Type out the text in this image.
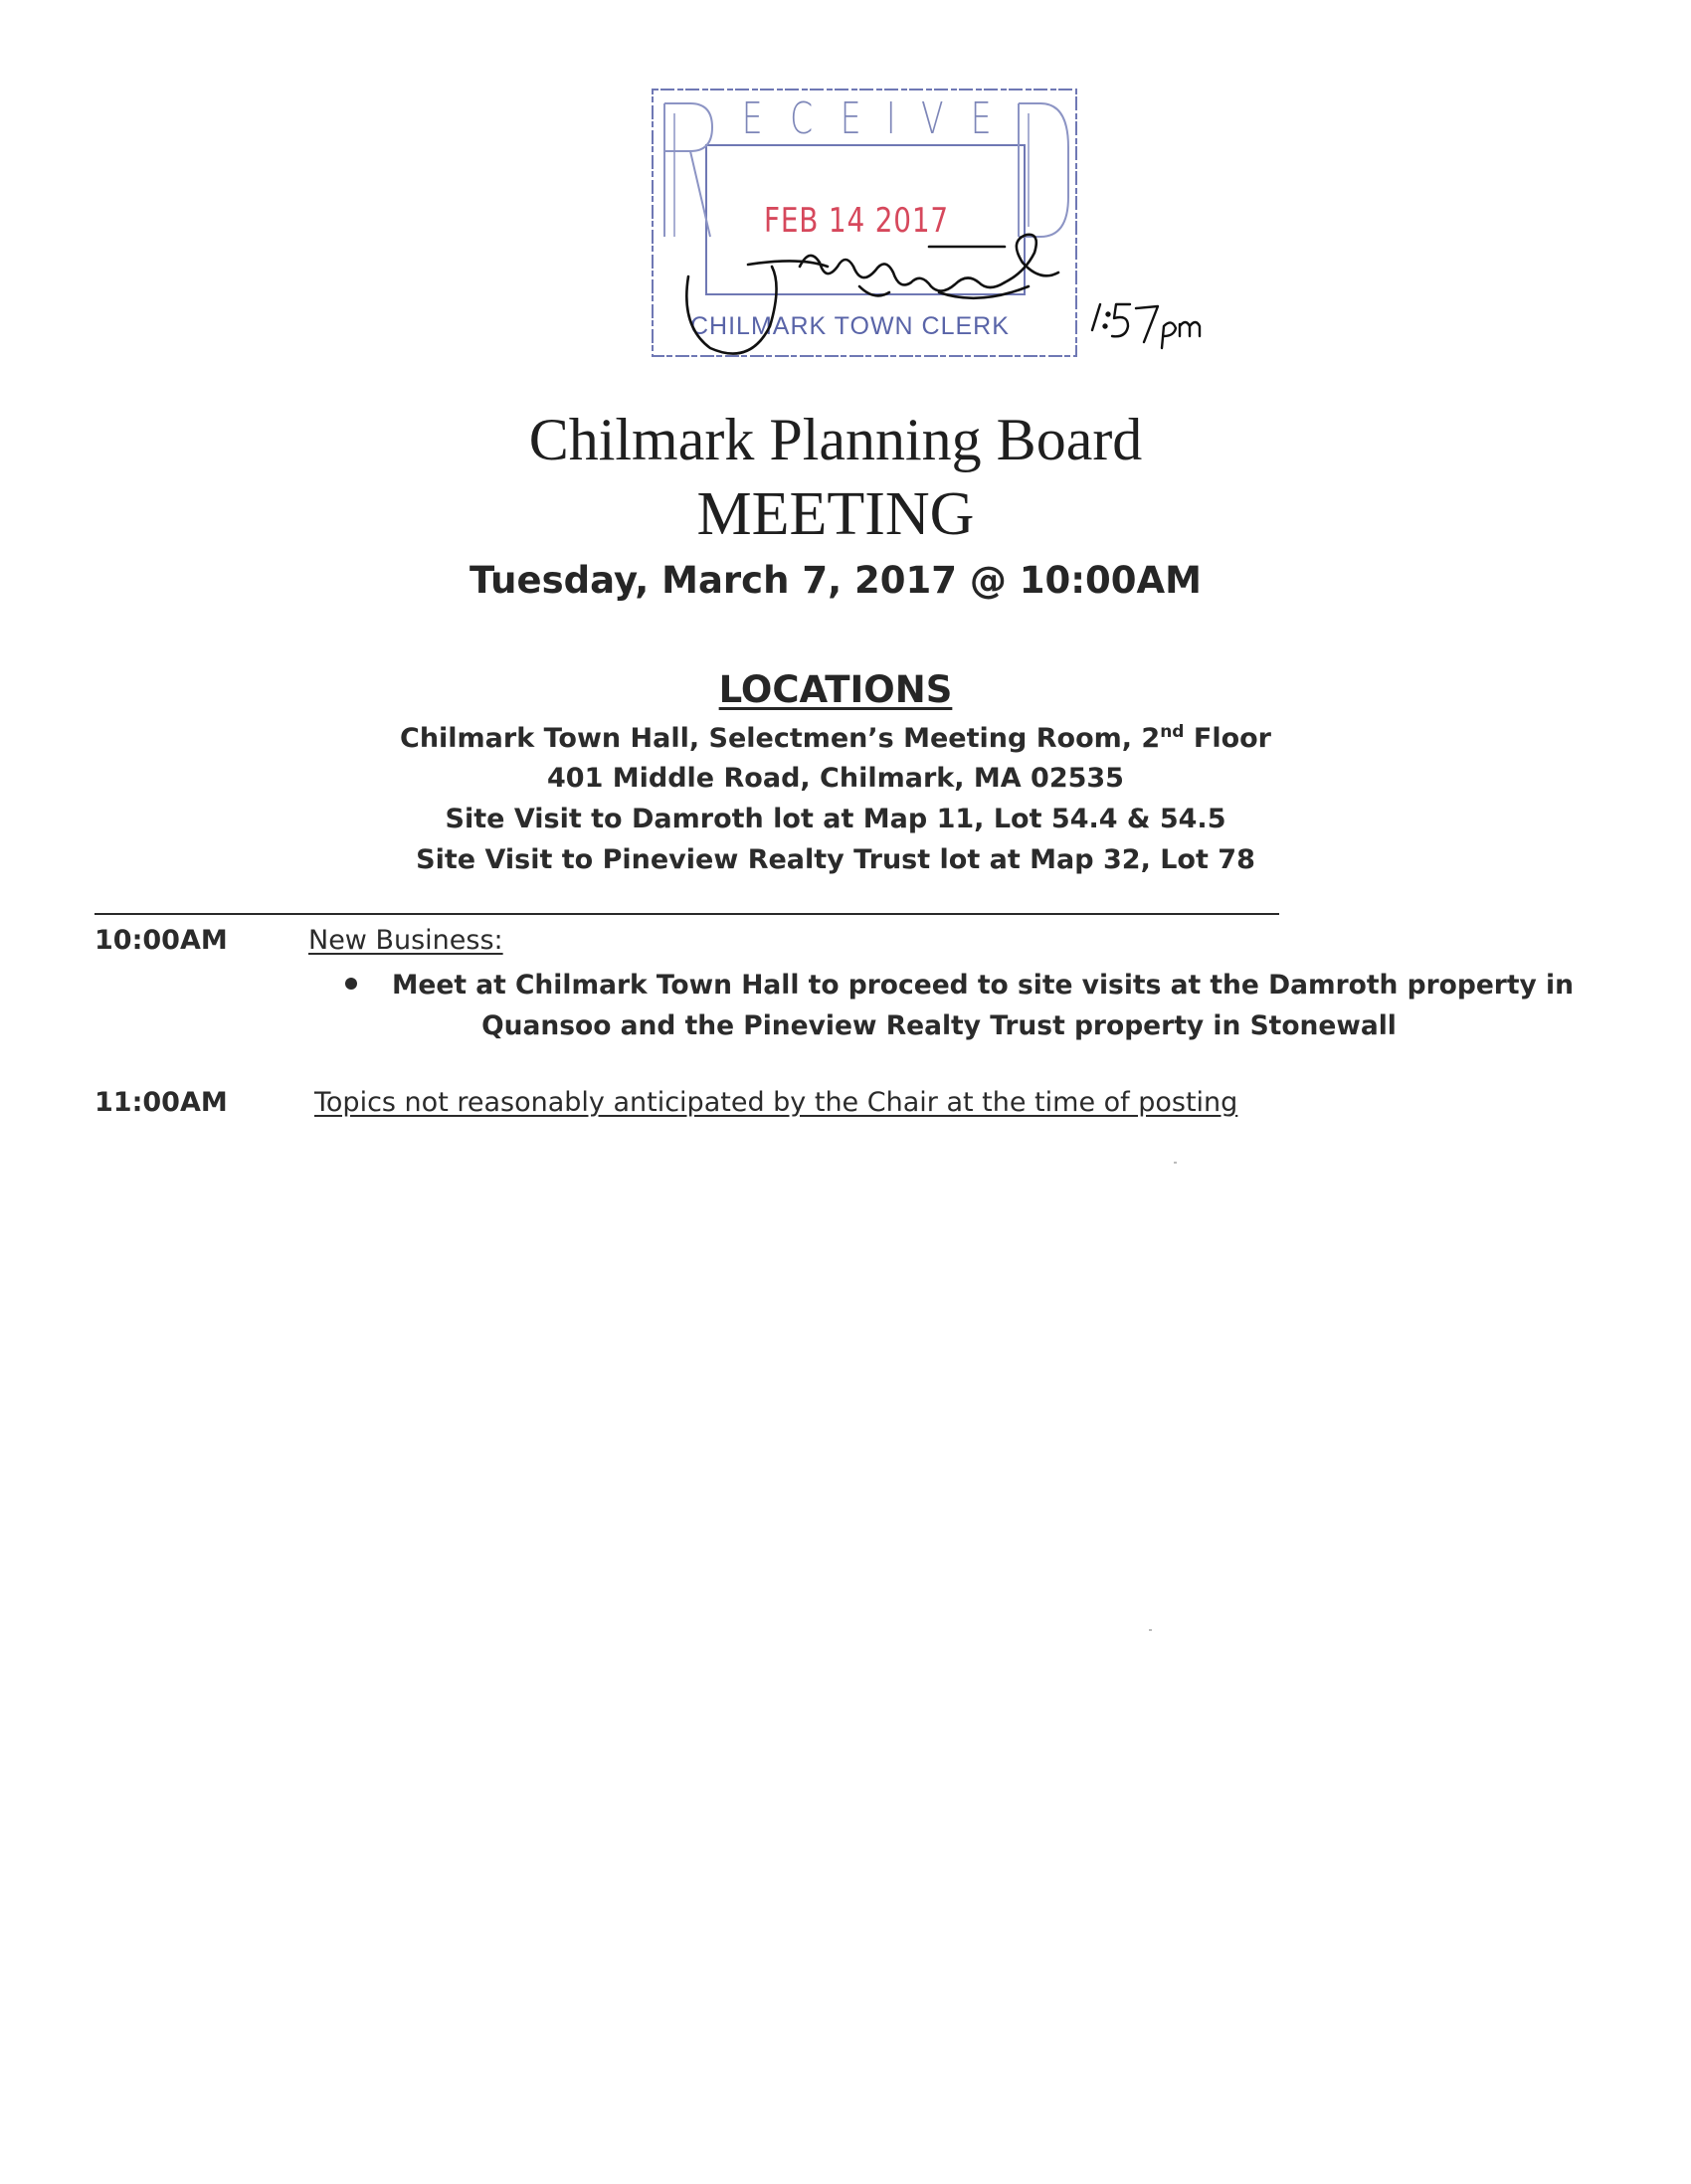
E C E I V E
FEB 14 2017
CHILMARK TOWN CLERK
Chilmark Planning Board
MEETING
Tuesday, March 7, 2017 @ 10:00AM
LOCATIONS
Chilmark Town Hall, Selectmen’s Meeting Room, 2nd Floor
401 Middle Road, Chilmark, MA 02535
Site Visit to Damroth lot at Map 11, Lot 54.4 & 54.5
Site Visit to Pineview Realty Trust lot at Map 32, Lot 78
10:00AM	New Business:
Meet at Chilmark Town Hall to proceed to site visits at the Damroth property in
Quansoo and the Pineview Realty Trust property in Stonewall
11:00AM	Topics not reasonably anticipated by the Chair at the time of posting
